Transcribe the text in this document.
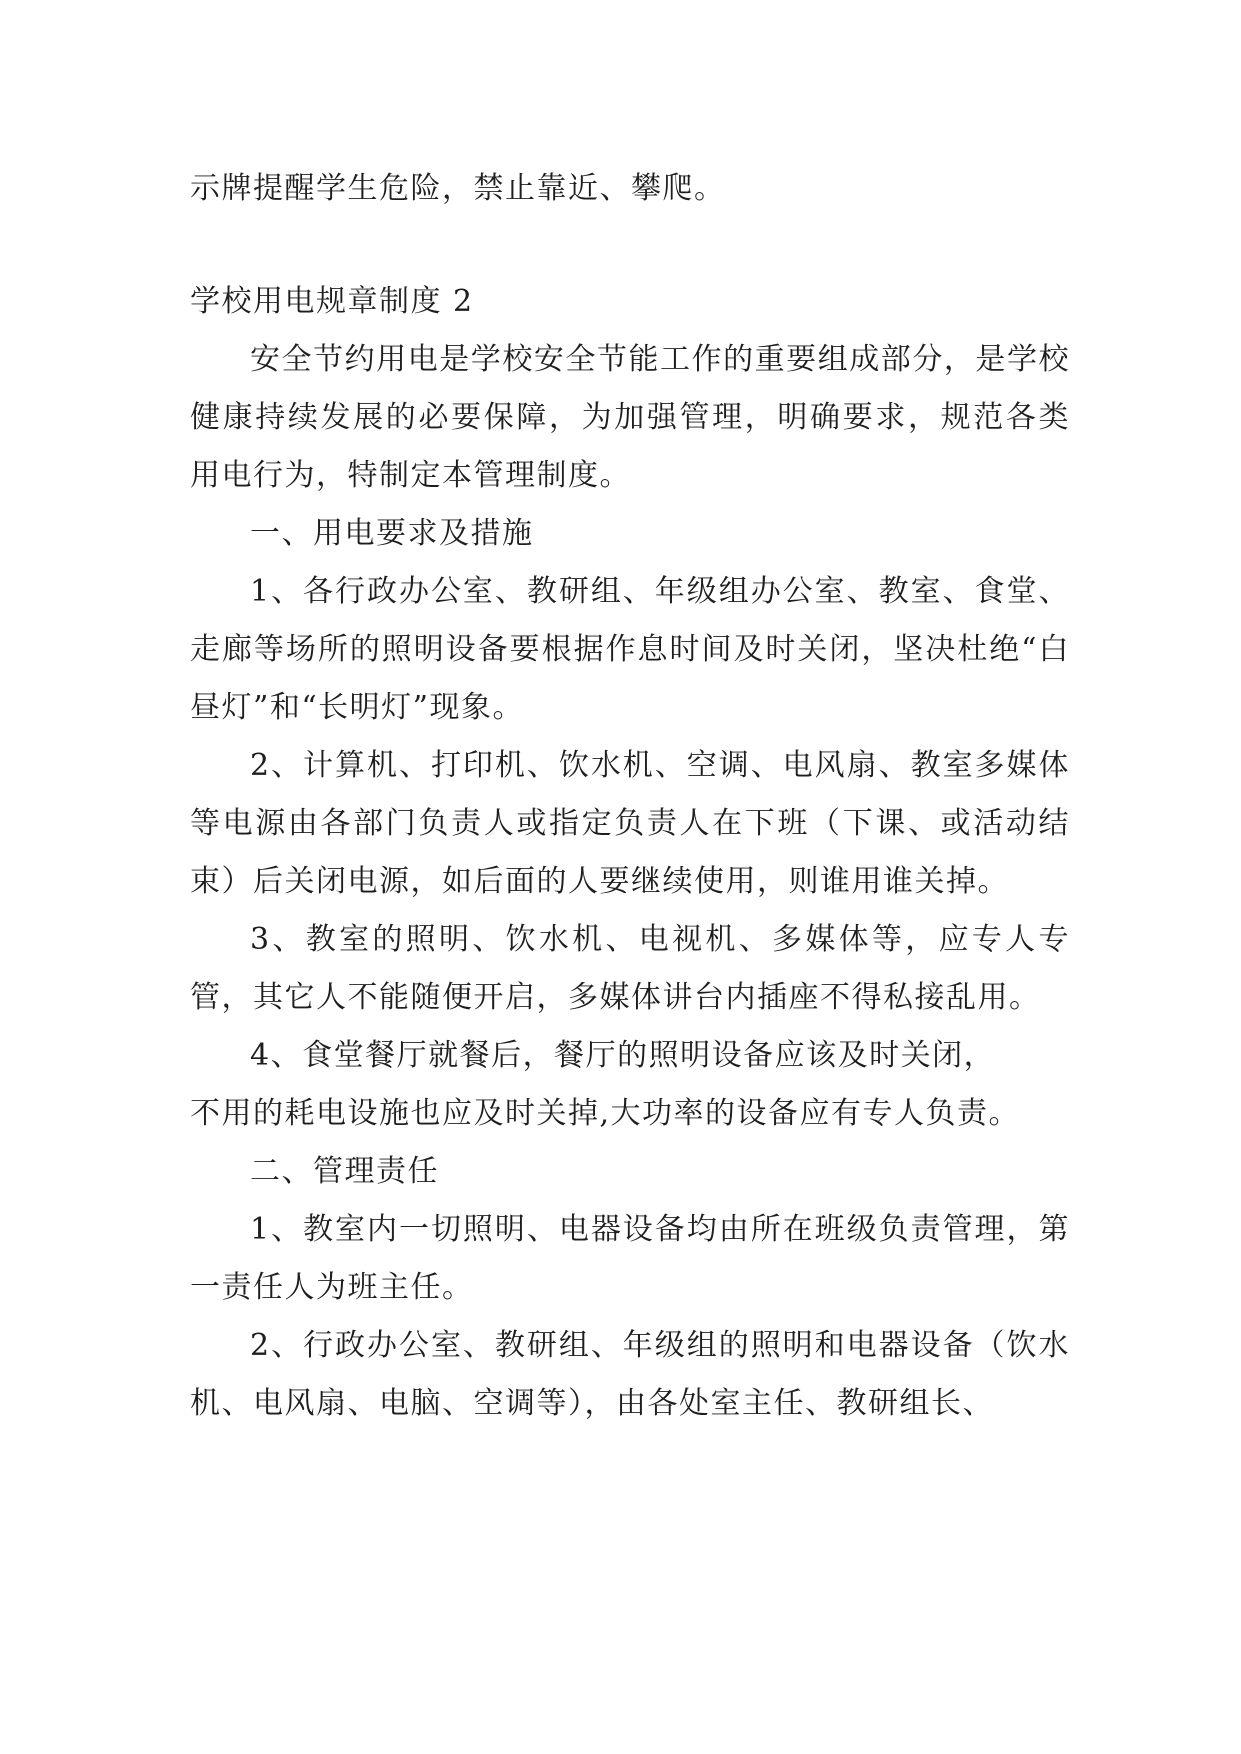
示牌提醒学生危险，禁止靠近、攀爬。

学校用电规章制度 2

安全节约用电是学校安全节能工作的重要组成部分，是学校健康持续发展的必要保障，为加强管理，明确要求，规范各类用电行为，特制定本管理制度。

一、用电要求及措施

1、各行政办公室、教研组、年级组办公室、教室、食堂、走廊等场所的照明设备要根据作息时间及时关闭，坚决杜绝“白昼灯”和“长明灯”现象。

2、计算机、打印机、饮水机、空调、电风扇、教室多媒体等电源由各部门负责人或指定负责人在下班（下课、或活动结束）后关闭电源，如后面的人要继续使用，则谁用谁关掉。

3、教室的照明、饮水机、电视机、多媒体等，应专人专管，其它人不能随便开启，多媒体讲台内插座不得私接乱用。

4、食堂餐厅就餐后，餐厅的照明设备应该及时关闭，

不用的耗电设施也应及时关掉,大功率的设备应有专人负责。

二、管理责任

1、教室内一切照明、电器设备均由所在班级负责管理，第一责任人为班主任。

2、行政办公室、教研组、年级组的照明和电器设备（饮水机、电风扇、电脑、空调等），由各处室主任、教研组长、
